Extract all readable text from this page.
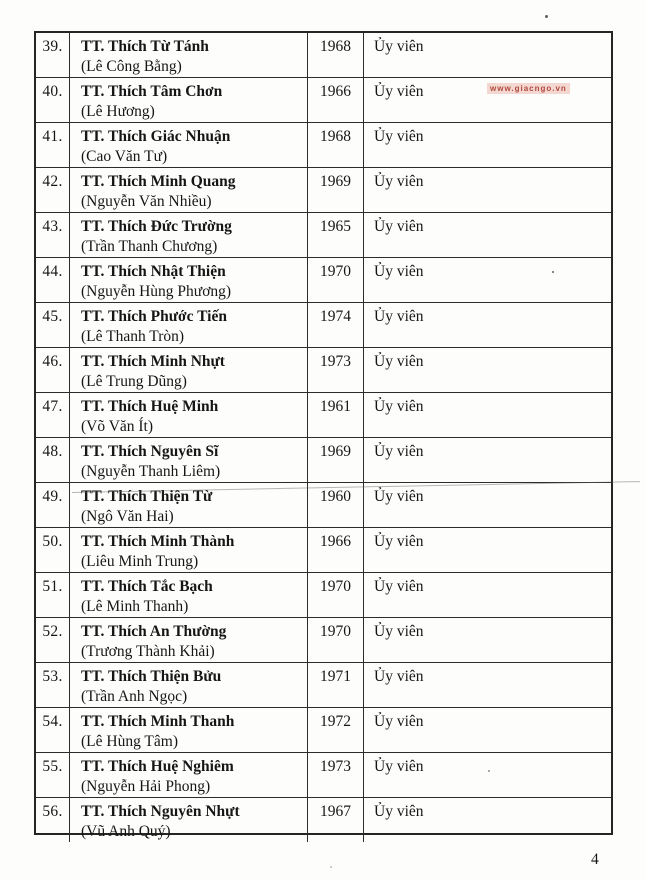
39.	TT. Thích Từ Tánh
(Lê Công Bằng)
1968	Ủy viên
40.	TT. Thích Tâm Chơn
(Lê Hương)
1966	Ủy viên
41.	TT. Thích Giác Nhuận
(Cao Văn Tư)
1968	Ủy viên
42.	TT. Thích Minh Quang
(Nguyễn Văn Nhiều)
1969	Ủy viên
43.	TT. Thích Đức Trường
(Trần Thanh Chương)
1965	Ủy viên
44.	TT. Thích Nhật Thiện
(Nguyễn Hùng Phương)
1970	Ủy viên
45.	TT. Thích Phước Tiến
(Lê Thanh Tròn)
1974	Ủy viên
46.	TT. Thích Minh Nhựt
(Lê Trung Dũng)
1973	Ủy viên
47.	TT. Thích Huệ Minh
(Võ Văn Ít)
1961	Ủy viên
48.	TT. Thích Nguyên Sĩ
(Nguyễn Thanh Liêm)
1969	Ủy viên
49.	TT. Thích Thiện Từ
(Ngô Văn Hai)
1960	Ủy viên
50.	TT. Thích Minh Thành
(Liêu Minh Trung)
1966	Ủy viên
51.	TT. Thích Tắc Bạch
(Lê Minh Thanh)
1970	Ủy viên
52.	TT. Thích An Thường
(Trương Thành Khải)
1970	Ủy viên
53.	TT. Thích Thiện Bửu
(Trần Anh Ngọc)
1971	Ủy viên
54.	TT. Thích Minh Thanh
(Lê Hùng Tâm)
1972	Ủy viên
55.	TT. Thích Huệ Nghiêm
(Nguyễn Hải Phong)
1973	Ủy viên
56.	TT. Thích Nguyên Nhựt
(Vũ Anh Quý)
1967	Ủy viên
www.giacngo.vn
4
